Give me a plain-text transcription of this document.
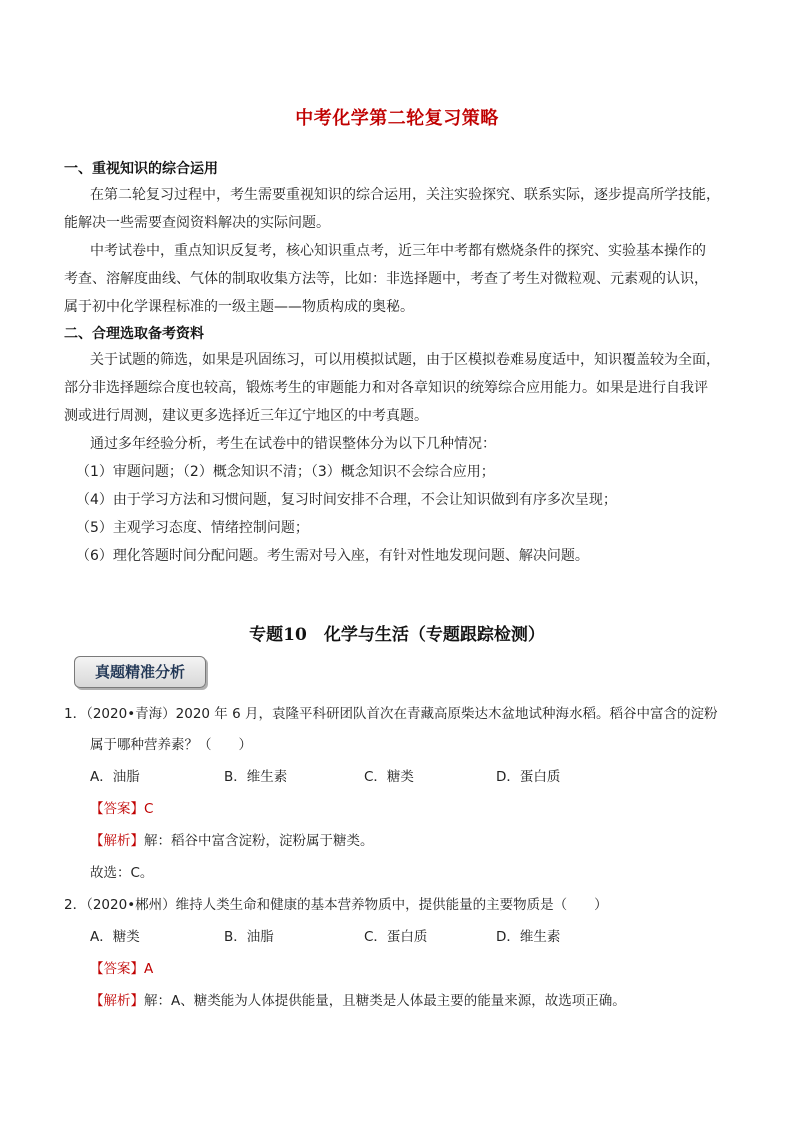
中考化学第二轮复习策略
一、重视知识的综合运用
在第二轮复习过程中，考生需要重视知识的综合运用，关注实验探究、联系实际，逐步提高所学技能，
能解决一些需要查阅资料解决的实际问题。
中考试卷中，重点知识反复考，核心知识重点考，近三年中考都有燃烧条件的探究、实验基本操作的
考查、溶解度曲线、气体的制取收集方法等，比如：非选择题中，考查了考生对微粒观、元素观的认识，
属于初中化学课程标准的一级主题——物质构成的奥秘。
二、合理选取备考资料
关于试题的筛选，如果是巩固练习，可以用模拟试题，由于区模拟卷难易度适中，知识覆盖较为全面，
部分非选择题综合度也较高，锻炼考生的审题能力和对各章知识的统筹综合应用能力。如果是进行自我评
测或进行周测，建议更多选择近三年辽宁地区的中考真题。
通过多年经验分析，考生在试卷中的错误整体分为以下几种情况：
（1）审题问题；（2）概念知识不清；（3）概念知识不会综合应用；
（4）由于学习方法和习惯问题，复习时间安排不合理，不会让知识做到有序多次呈现；
（5）主观学习态度、情绪控制问题；
（6）理化答题时间分配问题。考生需对号入座，有针对性地发现问题、解决问题。
专题10　化学与生活（专题跟踪检测）
真题精准分析
1．（2020•青海）2020 年 6 月，袁隆平科研团队首次在青藏高原柴达木盆地试种海水稻。稻谷中富含的淀粉
属于哪种营养素？（　　）
A．油脂	B．维生素	C．糖类	D．蛋白质
【答案】C
【解析】解：稻谷中富含淀粉，淀粉属于糖类。
故选：C。
2．（2020•郴州）维持人类生命和健康的基本营养物质中，提供能量的主要物质是（　　）
A．糖类	B．油脂	C．蛋白质	D．维生素
【答案】A
【解析】解：A、糖类能为人体提供能量，且糖类是人体最主要的能量来源，故选项正确。
